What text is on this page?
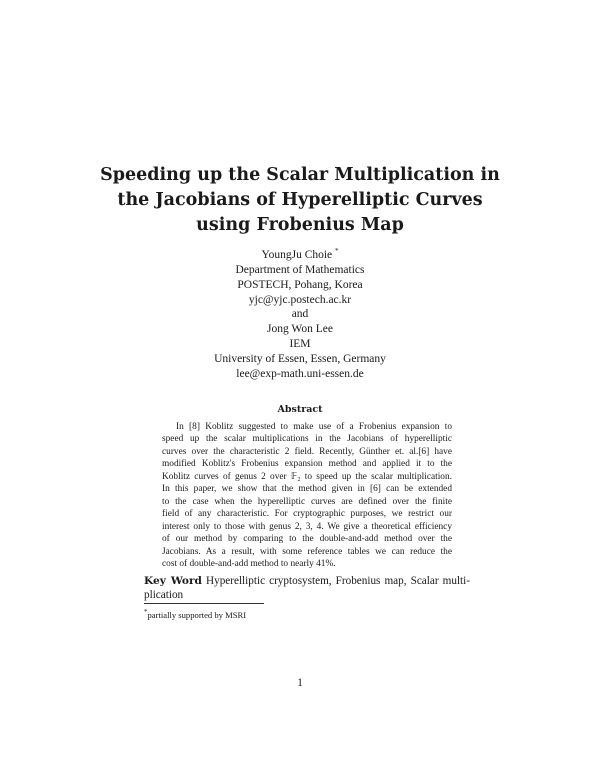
Speeding up the Scalar Multiplication in
the Jacobians of Hyperelliptic Curves
using Frobenius Map
YoungJu Choie *
Department of Mathematics
POSTECH, Pohang, Korea
yjc@yjc.postech.ac.kr
and
Jong Won Lee
IEM
University of Essen, Essen, Germany
lee@exp-math.uni-essen.de
Abstract
In [8] Koblitz suggested to make use of a Frobenius expansion to
speed up the scalar multiplications in the Jacobians of hyperelliptic
curves over the characteristic 2 field. Recently, Günther et. al.[6] have
modified Koblitz's Frobenius expansion method and applied it to the
Koblitz curves of genus 2 over 𝔽₂ to speed up the scalar multiplication.
In this paper, we show that the method given in [6] can be extended
to the case when the hyperelliptic curves are defined over the finite
field of any characteristic. For cryptographic purposes, we restrict our
interest only to those with genus 2, 3, 4. We give a theoretical efficiency
of our method by comparing to the double-and-add method over the
Jacobians. As a result, with some reference tables we can reduce the
cost of double-and-add method to nearly 41%.
Key Word Hyperelliptic cryptosystem, Frobenius map, Scalar multi-
plication
*partially supported by MSRI
1
